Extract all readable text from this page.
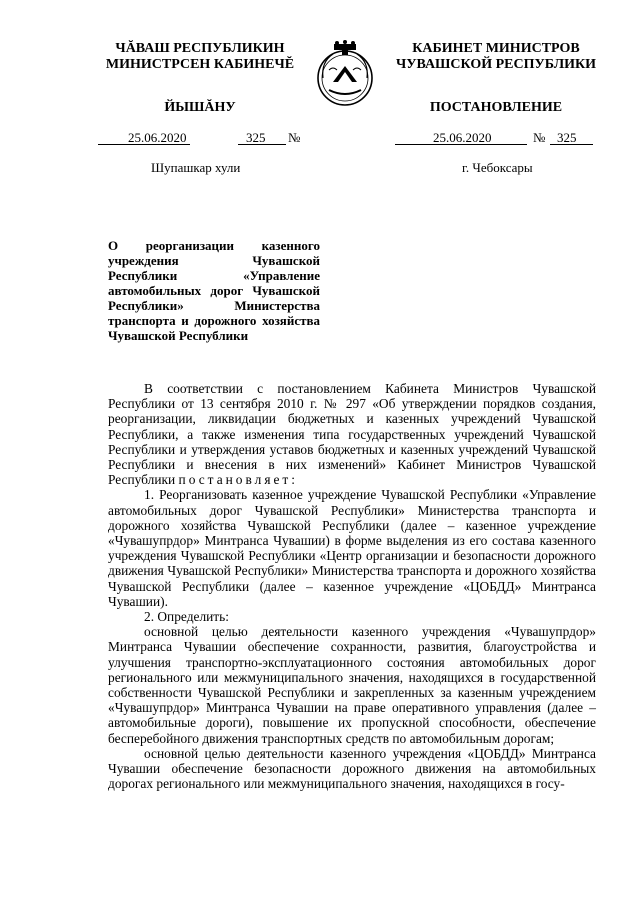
ЧĂВАШ РЕСПУБЛИКИН
МИНИСТРСЕН КАБИНЕЧĔ
КАБИНЕТ МИНИСТРОВ
ЧУВАШСКОЙ РЕСПУБЛИКИ
ЙЫШĂНУ	ПОСТАНОВЛЕНИЕ
25.06.2020	325 №	25.06.2020	№ 325
Шупашкар хули	г. Чебоксары
О реорганизации казенного учреждения Чувашской Республики «Управление автомобильных дорог Чувашской Республики» Министерства транспорта и дорожного хозяйства Чувашской Республики

В соответствии с постановлением Кабинета Министров Чувашской Республики от 13 сентября 2010 г. № 297 «Об утверждении порядков создания, реорганизации, ликвидации бюджетных и казенных учреждений Чувашской Республики, а также изменения типа государственных учреждений Чувашской Республики и утверждения уставов бюджетных и казенных учреждений Чувашской Республики и внесения в них изменений» Кабинет Министров Чувашской Республики постановляет:

1. Реорганизовать казенное учреждение Чувашской Республики «Управление автомобильных дорог Чувашской Республики» Министерства транспорта и дорожного хозяйства Чувашской Республики (далее – казенное учреждение «Чувашупрдор» Минтранса Чувашии) в форме выделения из его состава казенного учреждения Чувашской Республики «Центр организации и безопасности дорожного движения Чувашской Республики» Министерства транспорта и дорожного хозяйства Чувашской Республики (далее – казенное учреждение «ЦОБДД» Минтранса Чувашии).

2. Определить:

основной целью деятельности казенного учреждения «Чувашупрдор» Минтранса Чувашии обеспечение сохранности, развития, благоустройства и улучшения транспортно-эксплуатационного состояния автомобильных дорог регионального или межмуниципального значения, находящихся в государственной собственности Чувашской Республики и закрепленных за казенным учреждением «Чувашупрдор» Минтранса Чувашии на праве оперативного управления (далее – автомобильные дороги), повышение их пропускной способности, обеспечение бесперебойного движения транспортных средств по автомобильным дорогам;

основной целью деятельности казенного учреждения «ЦОБДД» Минтранса Чувашии обеспечение безопасности дорожного движения на автомобильных дорогах регионального или межмуниципального значения, находящихся в госу-
